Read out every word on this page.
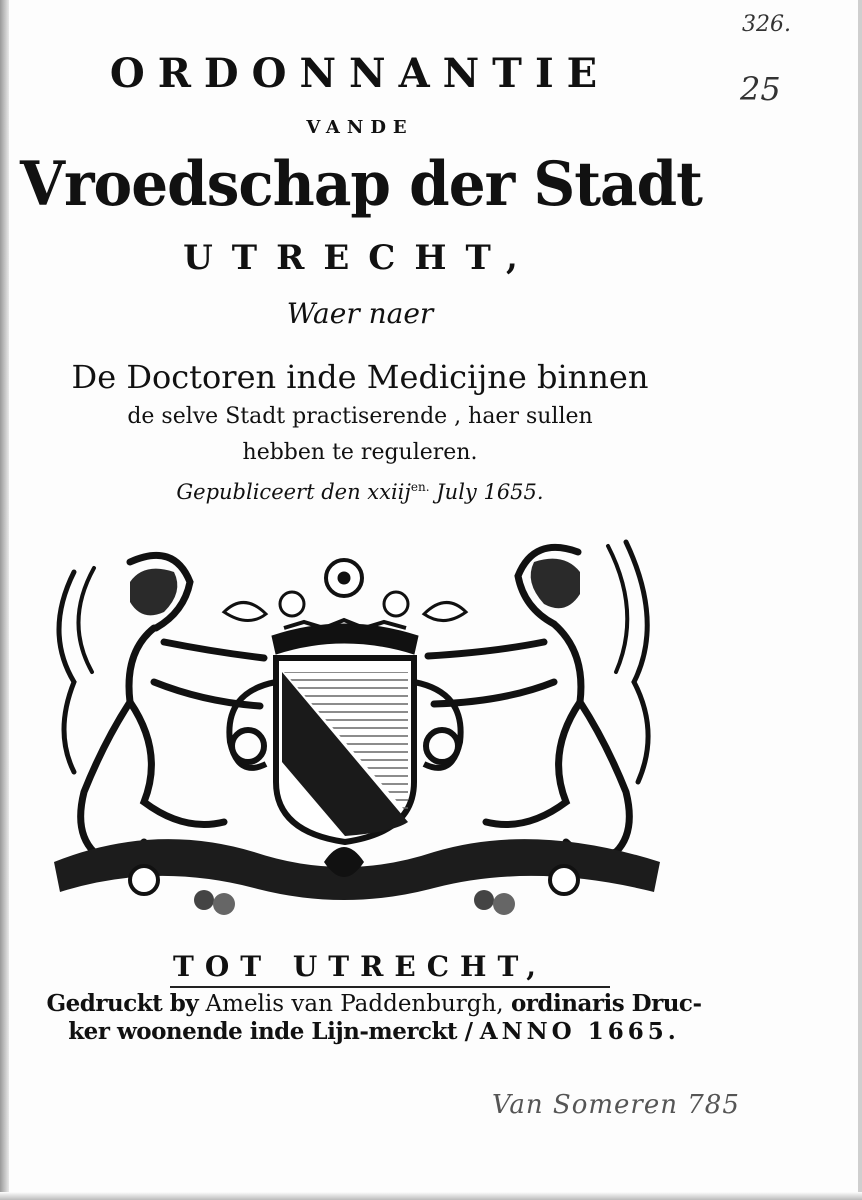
326.
25
ORDONNANTIE
VANDE
Vroedschap der Stadt
UTRECHT,
Waer naer
De Doctoren inde Medicijne binnen
de selve Stadt practiserende , haer sullen
hebben te reguleren.
Gepubliceert den xxiij$^{en.}$ July 1655.
TOT UTRECHT,
Gedruckt by Amelis van Paddenburgh, ordinaris Druc-
ker woonende inde Lijn-merckt / ANNO 1665.
Van Someren 785
